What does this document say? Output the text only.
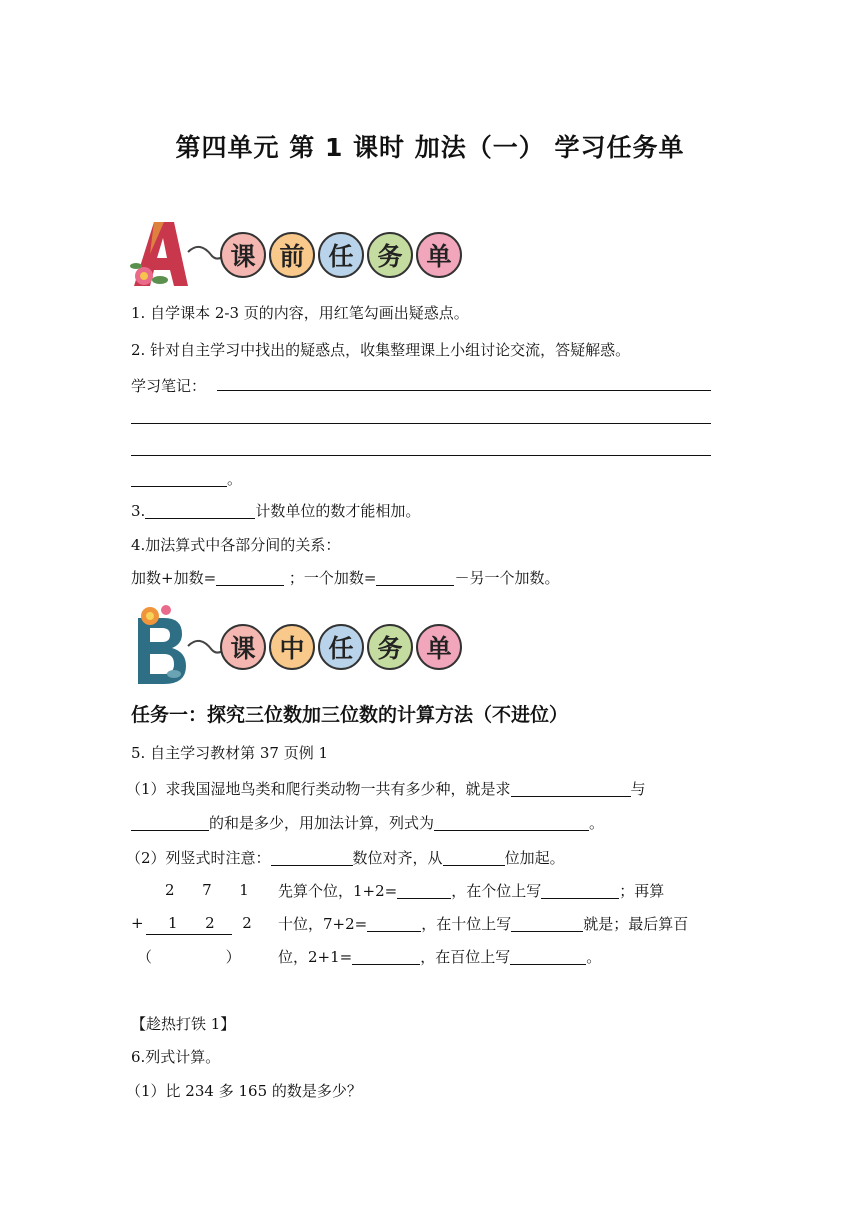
第四单元 第 1 课时 加法（一） 学习任务单
课 前 任 务 单
1. 自学课本 2-3 页的内容，用红笔勾画出疑惑点。
2. 针对自主学习中找出的疑惑点，收集整理课上小组讨论交流，答疑解惑。
学习笔记：
。
3.	计数单位的数才能相加。
4.加法算式中各部分间的关系：
加数+加数=	；一个加数=	－另一个加数。
课 中 任 务 单
任务一：探究三位数加三位数的计算方法（不进位）
5. 自主学习教材第 37 页例 1
（1）求我国湿地鸟类和爬行类动物一共有多少种，就是求	与
的和是多少，用加法计算，列式为	。
（2）列竖式时注意：	数位对齐，从	位加起。
2 7 1
+ 1 2 2
（	）
先算个位，1+2=	，在个位上写	；再算
十位，7+2=	，在十位上写	就是；最后算百
位，2+1=	，在百位上写	。
【趁热打铁 1】
6.列式计算。
（1）比 234 多 165 的数是多少？
